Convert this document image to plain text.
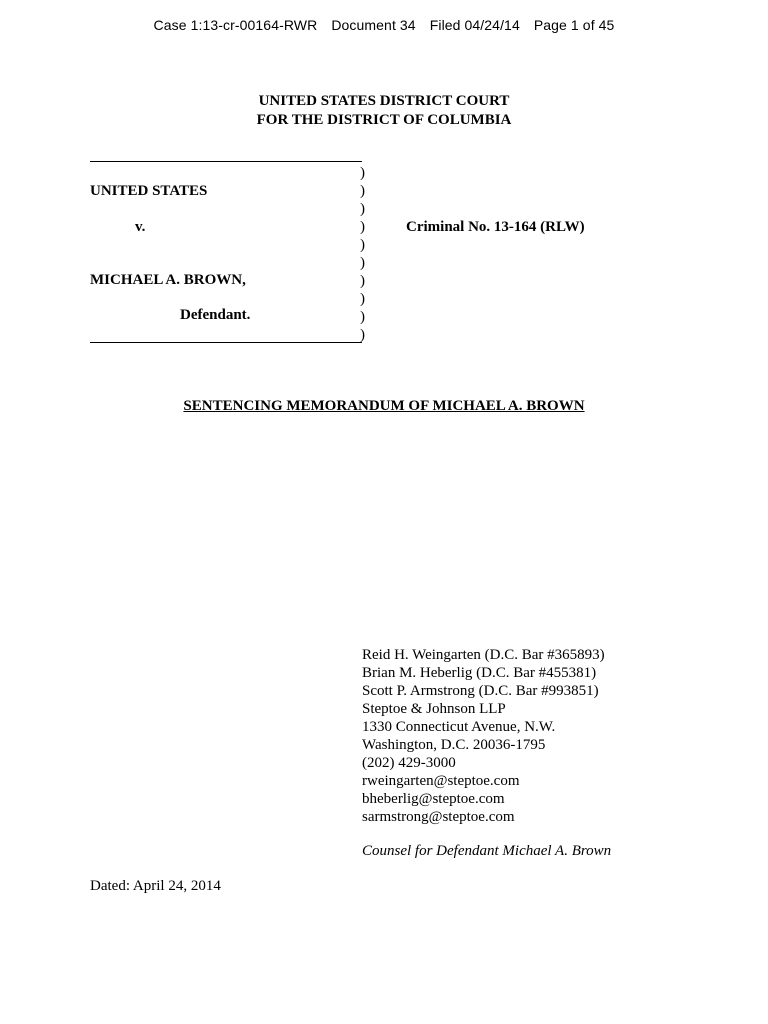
Case 1:13-cr-00164-RWR Document 34 Filed 04/24/14 Page 1 of 45
UNITED STATES DISTRICT COURT
FOR THE DISTRICT OF COLUMBIA
)
)
)
)
)
)
)
)
)
)
UNITED STATES
v.
MICHAEL A. BROWN,
Defendant.
Criminal No. 13-164 (RLW)
SENTENCING MEMORANDUM OF MICHAEL A. BROWN
Reid H. Weingarten (D.C. Bar #365893)
Brian M. Heberlig (D.C. Bar #455381)
Scott P. Armstrong (D.C. Bar #993851)
Steptoe & Johnson LLP
1330 Connecticut Avenue, N.W.
Washington, D.C. 20036-1795
(202) 429-3000
rweingarten@steptoe.com
bheberlig@steptoe.com
sarmstrong@steptoe.com
Counsel for Defendant Michael A. Brown
Dated: April 24, 2014
